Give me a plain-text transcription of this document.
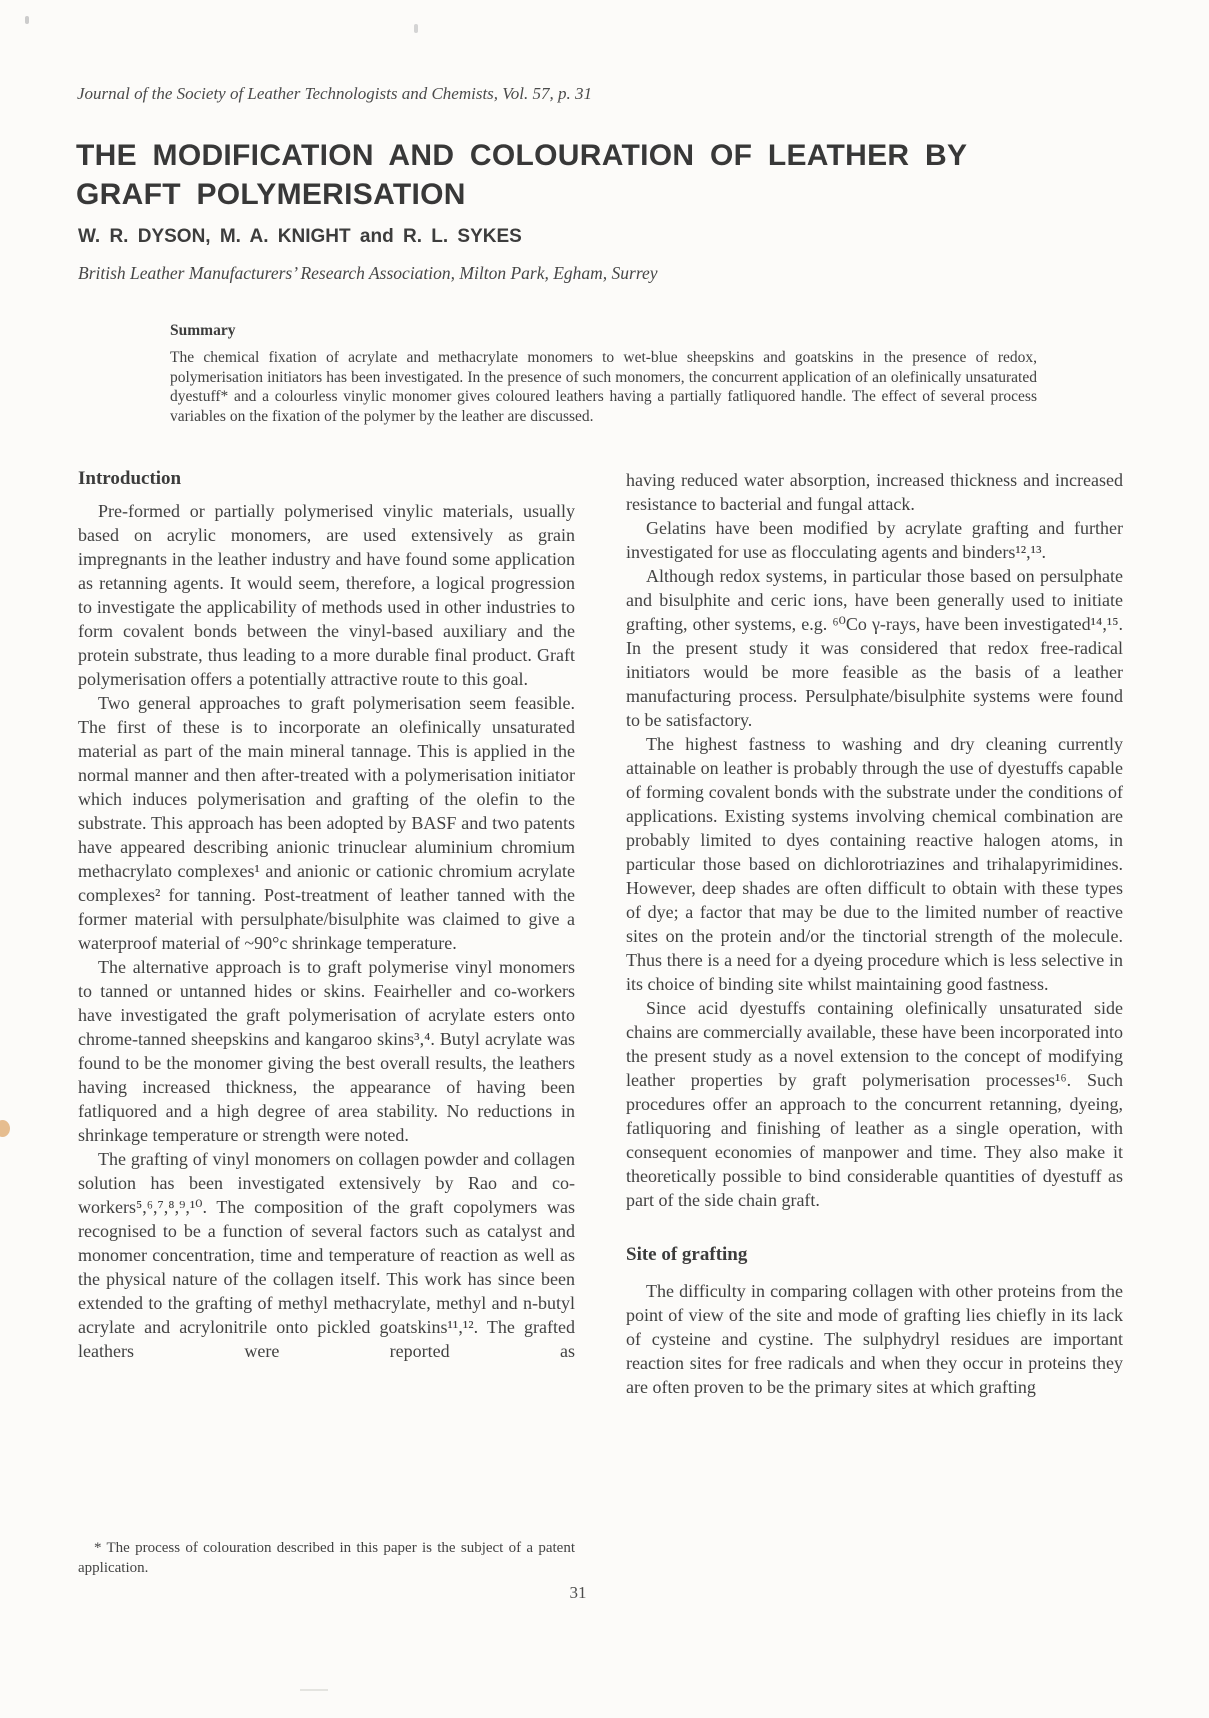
Journal of the Society of Leather Technologists and Chemists, Vol. 57, p. 31

THE MODIFICATION AND COLOURATION OF LEATHER BY
GRAFT POLYMERISATION

W. R. DYSON, M. A. KNIGHT and R. L. SYKES

British Leather Manufacturers’ Research Association, Milton Park, Egham, Surrey

Summary

The chemical fixation of acrylate and methacrylate monomers to wet-blue sheepskins and goatskins in the presence of redox, polymerisation initiators has been investigated. In the presence of such monomers, the concurrent application of an olefinically unsaturated dyestuff* and a colourless vinylic monomer gives coloured leathers having a partially fatliquored handle. The effect of several process variables on the fixation of the polymer by the leather are discussed.

Introduction

Pre-formed or partially polymerised vinylic materials, usually based on acrylic monomers, are used extensively as grain impregnants in the leather industry and have found some application as retanning agents. It would seem, therefore, a logical progression to investigate the applicability of methods used in other industries to form covalent bonds between the vinyl-based auxiliary and the protein substrate, thus leading to a more durable final product. Graft polymerisation offers a potentially attractive route to this goal.

Two general approaches to graft polymerisation seem feasible. The first of these is to incorporate an olefinically unsaturated material as part of the main mineral tannage. This is applied in the normal manner and then after-treated with a polymerisation initiator which induces polymerisation and grafting of the olefin to the substrate. This approach has been adopted by BASF and two patents have appeared describing anionic trinuclear aluminium chromium methacrylato complexes¹ and anionic or cationic chromium acrylate complexes² for tanning. Post-treatment of leather tanned with the former material with persulphate/bisulphite was claimed to give a waterproof material of ~90°c shrinkage temperature.

The alternative approach is to graft polymerise vinyl monomers to tanned or untanned hides or skins. Feairheller and co-workers have investigated the graft polymerisation of acrylate esters onto chrome-tanned sheepskins and kangaroo skins³,⁴. Butyl acrylate was found to be the monomer giving the best overall results, the leathers having increased thickness, the appearance of having been fatliquored and a high degree of area stability. No reductions in shrinkage temperature or strength were noted.

The grafting of vinyl monomers on collagen powder and collagen solution has been investigated extensively by Rao and co-workers⁵,⁶,⁷,⁸,⁹,¹⁰. The composition of the graft copolymers was recognised to be a function of several factors such as catalyst and monomer concentration, time and temperature of reaction as well as the physical nature of the collagen itself. This work has since been extended to the grafting of methyl methacrylate, methyl and n-butyl acrylate and acrylonitrile onto pickled goatskins¹¹,¹². The grafted leathers were reported as

* The process of colouration described in this paper is the subject of a patent application.

having reduced water absorption, increased thickness and increased resistance to bacterial and fungal attack.

Gelatins have been modified by acrylate grafting and further investigated for use as flocculating agents and binders¹²,¹³.

Although redox systems, in particular those based on persulphate and bisulphite and ceric ions, have been generally used to initiate grafting, other systems, e.g. ⁶⁰Co γ-rays, have been investigated¹⁴,¹⁵. In the present study it was considered that redox free-radical initiators would be more feasible as the basis of a leather manufacturing process. Persulphate/bisulphite systems were found to be satisfactory.

The highest fastness to washing and dry cleaning currently attainable on leather is probably through the use of dyestuffs capable of forming covalent bonds with the substrate under the conditions of applications. Existing systems involving chemical combination are probably limited to dyes containing reactive halogen atoms, in particular those based on dichlorotriazines and trihalapyrimidines. However, deep shades are often difficult to obtain with these types of dye; a factor that may be due to the limited number of reactive sites on the protein and/or the tinctorial strength of the molecule. Thus there is a need for a dyeing procedure which is less selective in its choice of binding site whilst maintaining good fastness.

Since acid dyestuffs containing olefinically unsaturated side chains are commercially available, these have been incorporated into the present study as a novel extension to the concept of modifying leather properties by graft polymerisation processes¹⁶. Such procedures offer an approach to the concurrent retanning, dyeing, fatliquoring and finishing of leather as a single operation, with consequent economies of manpower and time. They also make it theoretically possible to bind considerable quantities of dyestuff as part of the side chain graft.

Site of grafting

The difficulty in comparing collagen with other proteins from the point of view of the site and mode of grafting lies chiefly in its lack of cysteine and cystine. The sulphydryl residues are important reaction sites for free radicals and when they occur in proteins they are often proven to be the primary sites at which grafting

31
